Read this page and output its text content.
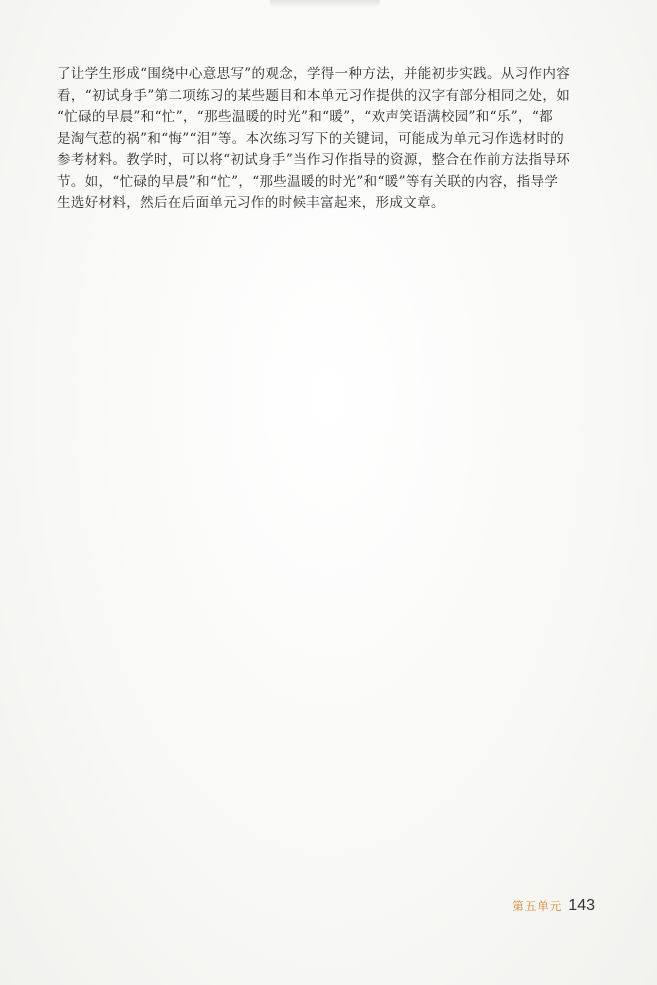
了让学生形成“围绕中心意思写”的观念，学得一种方法，并能初步实践。从习作内容
看，“初试身手”第二项练习的某些题目和本单元习作提供的汉字有部分相同之处，如
“忙碌的早晨”和“忙”，“那些温暖的时光”和“暖”，“欢声笑语满校园”和“乐”，“都
是淘气惹的祸”和“悔”“泪”等。本次练习写下的关键词，可能成为单元习作选材时的
参考材料。教学时，可以将“初试身手”当作习作指导的资源，整合在作前方法指导环
节。如，“忙碌的早晨”和“忙”，“那些温暖的时光”和“暖”等有关联的内容，指导学
生选好材料，然后在后面单元习作的时候丰富起来，形成文章。

第五单元 143
